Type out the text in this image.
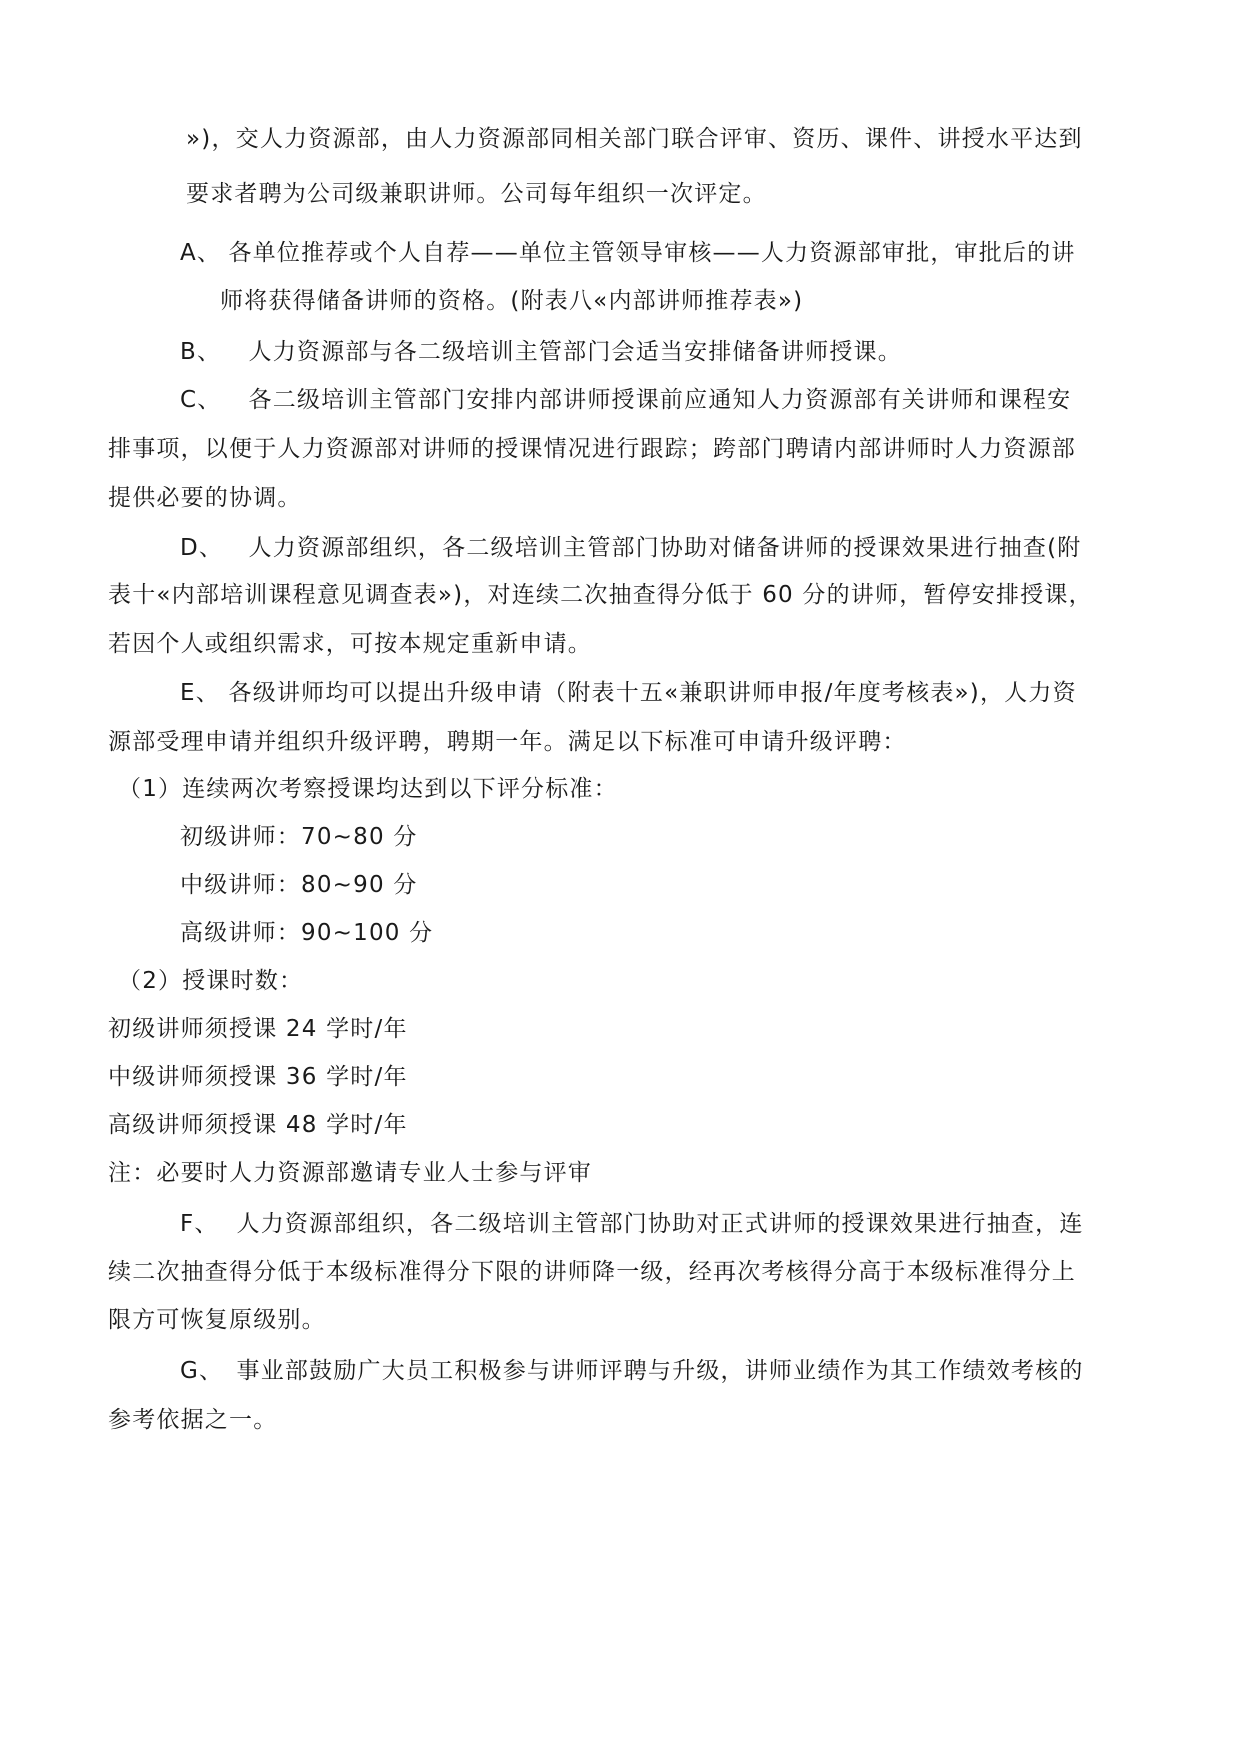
»)，交人力资源部，由人力资源部同相关部门联合评审、资历、课件、讲授水平达到
要求者聘为公司级兼职讲师。公司每年组织一次评定。
A、 各单位推荐或个人自荐——单位主管领导审核——人力资源部审批，审批后的讲
师将获得储备讲师的资格。(附表八«内部讲师推荐表»)
B、 人力资源部与各二级培训主管部门会适当安排储备讲师授课。
C、 各二级培训主管部门安排内部讲师授课前应通知人力资源部有关讲师和课程安
排事项，以便于人力资源部对讲师的授课情况进行跟踪；跨部门聘请内部讲师时人力资源部
提供必要的协调。
D、 人力资源部组织，各二级培训主管部门协助对储备讲师的授课效果进行抽查(附
表十«内部培训课程意见调查表»)，对连续二次抽查得分低于 60 分的讲师，暂停安排授课，
若因个人或组织需求，可按本规定重新申请。
E、 各级讲师均可以提出升级申请（附表十五«兼职讲师申报/年度考核表»)，人力资
源部受理申请并组织升级评聘，聘期一年。满足以下标准可申请升级评聘：
（1）连续两次考察授课均达到以下评分标准：
初级讲师：70~80 分
中级讲师：80~90 分
高级讲师：90~100 分
（2）授课时数：
初级讲师须授课 24 学时/年
中级讲师须授课 36 学时/年
高级讲师须授课 48 学时/年
注：必要时人力资源部邀请专业人士参与评审
F、 人力资源部组织，各二级培训主管部门协助对正式讲师的授课效果进行抽查，连
续二次抽查得分低于本级标准得分下限的讲师降一级，经再次考核得分高于本级标准得分上
限方可恢复原级别。
G、 事业部鼓励广大员工积极参与讲师评聘与升级，讲师业绩作为其工作绩效考核的
参考依据之一。
